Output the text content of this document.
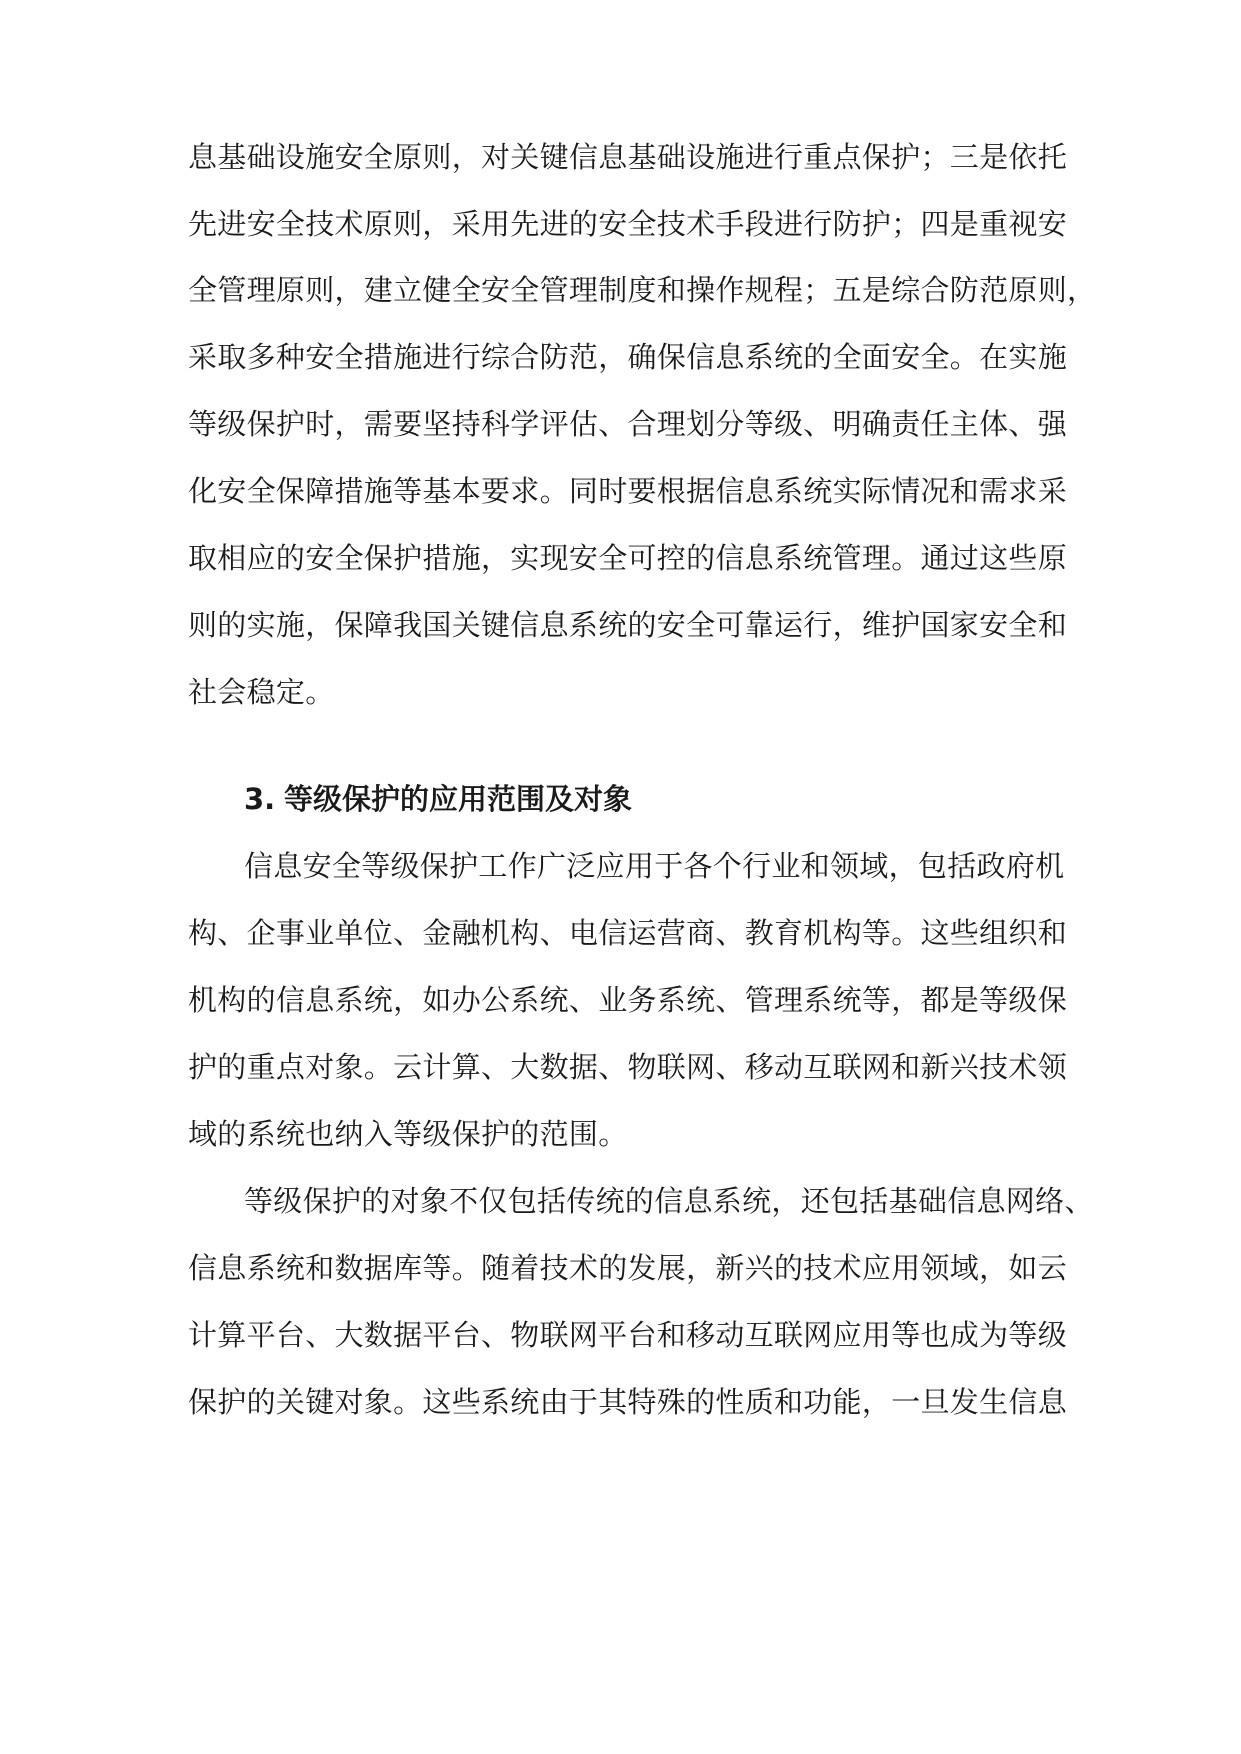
息基础设施安全原则，对关键信息基础设施进行重点保护；三是依托
先进安全技术原则，采用先进的安全技术手段进行防护；四是重视安
全管理原则，建立健全安全管理制度和操作规程；五是综合防范原则，
采取多种安全措施进行综合防范，确保信息系统的全面安全。在实施
等级保护时，需要坚持科学评估、合理划分等级、明确责任主体、强
化安全保障措施等基本要求。同时要根据信息系统实际情况和需求采
取相应的安全保护措施，实现安全可控的信息系统管理。通过这些原
则的实施，保障我国关键信息系统的安全可靠运行，维护国家安全和
社会稳定。
3. 等级保护的应用范围及对象
信息安全等级保护工作广泛应用于各个行业和领域，包括政府机
构、企事业单位、金融机构、电信运营商、教育机构等。这些组织和
机构的信息系统，如办公系统、业务系统、管理系统等，都是等级保
护的重点对象。云计算、大数据、物联网、移动互联网和新兴技术领
域的系统也纳入等级保护的范围。
等级保护的对象不仅包括传统的信息系统，还包括基础信息网络、
信息系统和数据库等。随着技术的发展，新兴的技术应用领域，如云
计算平台、大数据平台、物联网平台和移动互联网应用等也成为等级
保护的关键对象。这些系统由于其特殊的性质和功能，一旦发生信息
